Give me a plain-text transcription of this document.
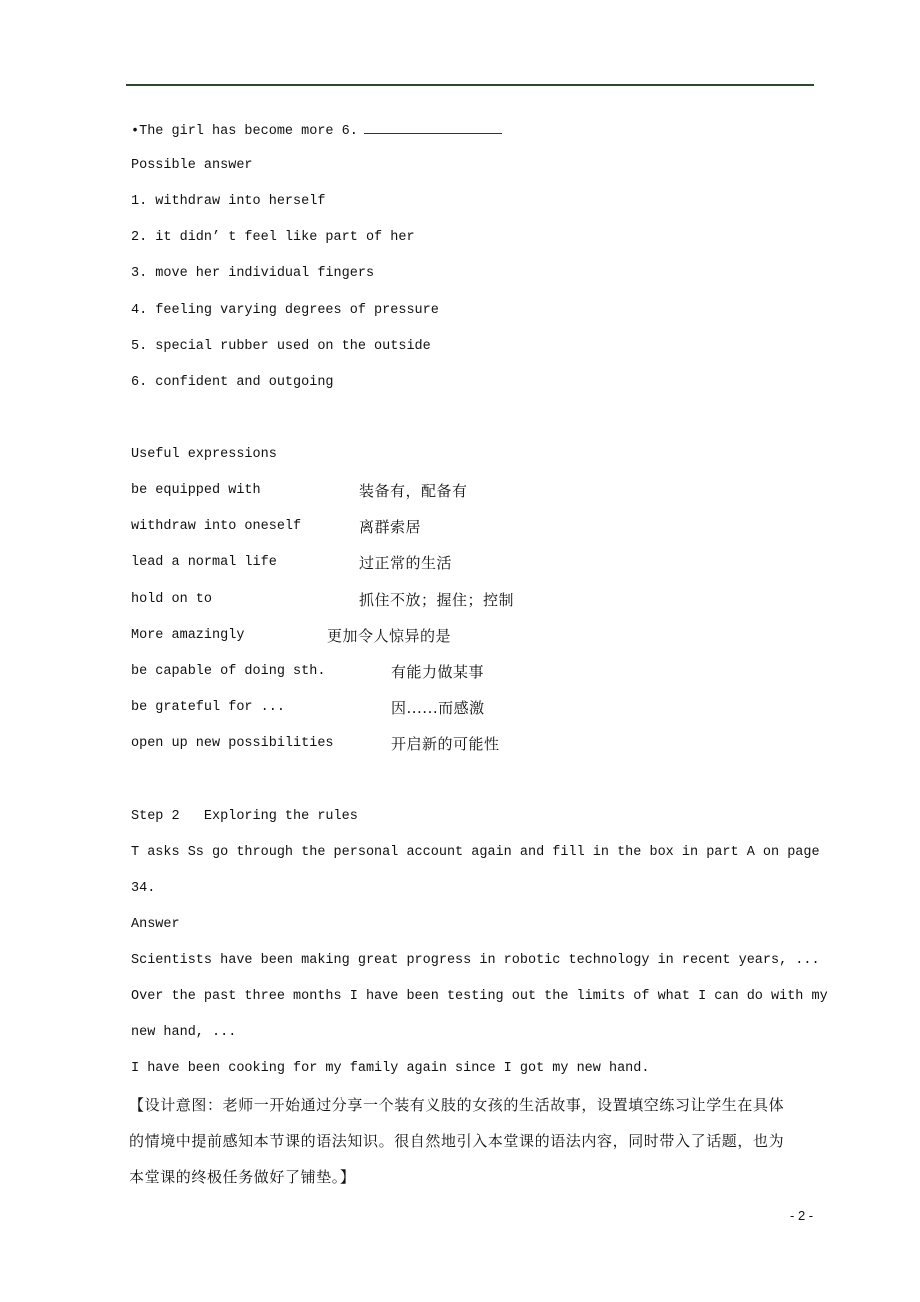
•The girl has become more 6.
Possible answer
1. withdraw into herself
2. it didn’ t feel like part of her
3. move her individual fingers
4. feeling varying degrees of pressure
5. special rubber used on the outside
6. confident and outgoing
Useful expressions
be equipped with	装备有，配备有
withdraw into oneself	离群索居
lead a normal life	过正常的生活
hold on to	抓住不放；握住；控制
More amazingly	更加令人惊异的是
be capable of doing sth.	有能力做某事
be grateful for ...	因......而感激
open up new possibilities	开启新的可能性
Step 2   Exploring the rules
T asks Ss go through the personal account again and fill in the box in part A on page
34.
Answer
Scientists have been making great progress in robotic technology in recent years, ...
Over the past three months I have been testing out the limits of what I can do with my
new hand, ...
I have been cooking for my family again since I got my new hand.
【设计意图：老师一开始通过分享一个装有义肢的女孩的生活故事，设置填空练习让学生在具体
的情境中提前感知本节课的语法知识。很自然地引入本堂课的语法内容，同时带入了话题，也为
本堂课的终极任务做好了铺垫。】
- 2 -
